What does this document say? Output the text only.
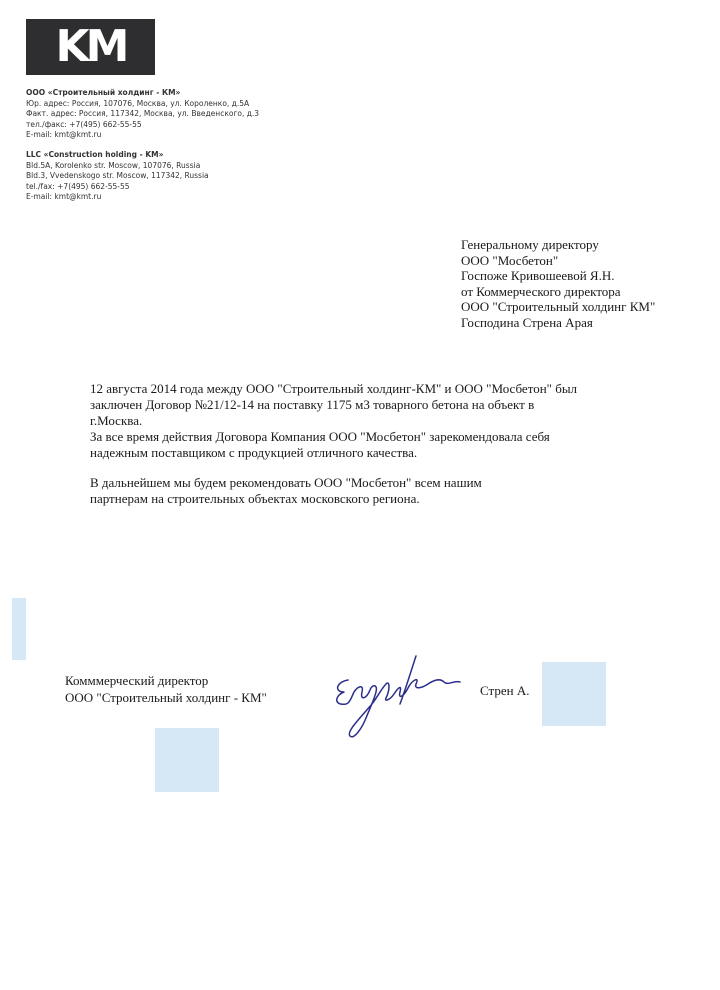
KM
ООО «Строительный холдинг - КМ»
Юр. адрес: Россия, 107076, Москва, ул. Короленко, д.5А
Факт. адрес: Россия, 117342, Москва, ул. Введенского, д.3
тел./факс: +7(495) 662-55-55
E-mail: kmt@kmt.ru
LLC «Construction holding - KM»
Bld.5A, Korolenko str. Moscow, 107076, Russia
Bld.3, Vvedenskogo str. Moscow, 117342, Russia
tel./fax: +7(495) 662-55-55
E-mail: kmt@kmt.ru
Генеральному директору
ООО "Мосбетон"
Госпоже Кривошеевой Я.Н.
от Коммерческого директора
ООО "Строительный холдинг КМ"
Господина Стрена Арая

12 августа 2014 года между ООО "Строительный холдинг-КМ" и ООО "Мосбетон" был

заключен Договор №21/12-14 на поставку 1175 м3 товарного бетона на объект в

г.Москва.

За все время действия Договора Компания ООО "Мосбетон" зарекомендовала себя

надежным поставщиком с продукцией отличного качества.

В дальнейшем мы будем рекомендовать ООО "Мосбетон" всем нашим

партнерам на строительных объектах московского региона.

Комммерческий директор
ООО "Строительный холдинг - КМ"	Стрен А.
